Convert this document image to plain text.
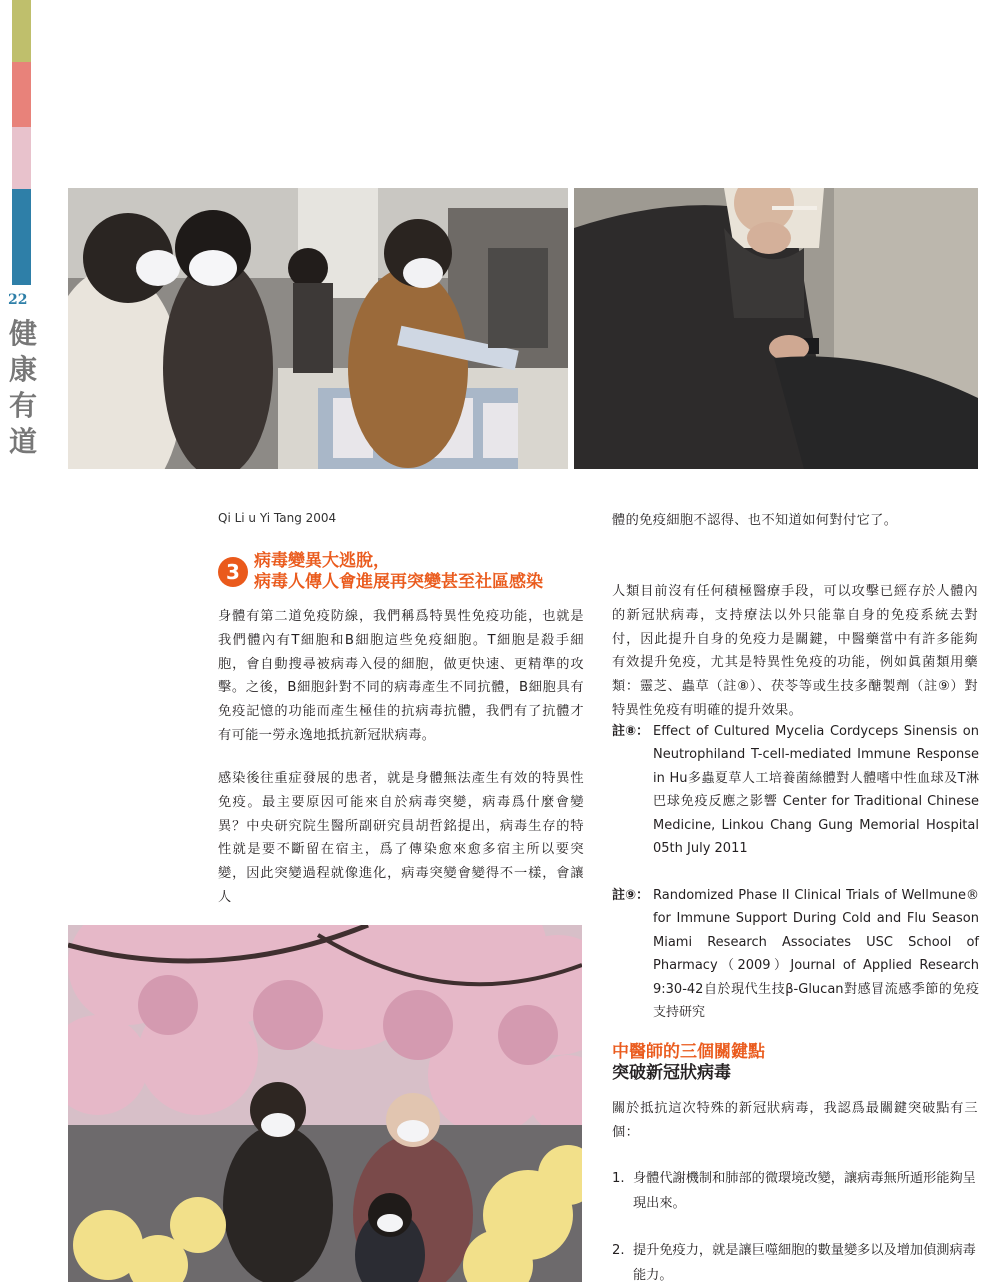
22
健
康
有
道
Qi Li u Yi Tang 2004
3 病毒變異大逃脫，
病毒人傳人會進展再突變甚至社區感染
身體有第二道免疫防線，我們稱爲特異性免疫功能，也就是我們體內有T細胞和B細胞這些免疫細胞。T細胞是殺手細胞，會自動搜尋被病毒入侵的細胞，做更快速、更精準的攻擊。之後，B細胞針對不同的病毒產生不同抗體，B細胞具有免疫記憶的功能而產生極佳的抗病毒抗體，我們有了抗體才有可能一勞永逸地抵抗新冠狀病毒。
感染後往重症發展的患者，就是身體無法產生有效的特異性免疫。最主要原因可能來自於病毒突變，病毒爲什麼會變異？中央研究院生醫所副研究員胡哲銘提出，病毒生存的特性就是要不斷留在宿主，爲了傳染愈來愈多宿主所以要突變，因此突變過程就像進化，病毒突變會變得不一樣，會讓人
體的免疫細胞不認得、也不知道如何對付它了。
人類目前沒有任何積極醫療手段，可以攻擊已經存於人體內的新冠狀病毒，支持療法以外只能靠自身的免疫系統去對付，因此提升自身的免疫力是關鍵，中醫藥當中有許多能夠有效提升免疫，尤其是特異性免疫的功能，例如眞菌類用藥類：靈芝、蟲草（註⑧）、茯苓等或生技多醣製劑（註⑨）對特異性免疫有明確的提升效果。
註⑧： Effect of Cultured Mycelia Cordyceps Sinensis on Neutrophiland T-cell-mediated Immune Response in Hu多蟲夏草人工培養菌絲體對人體嗜中性血球及T淋巴球免疫反應之影響 Center for Traditional Chinese Medicine, Linkou Chang Gung Memorial Hospital 05th July 2011
註⑨： Randomized Phase II Clinical Trials of Wellmune® for Immune Support During Cold and Flu Season Miami Research Associates USC School of Pharmacy（2009）Journal of Applied Research 9:30-42自於現代生技β-Glucan對感冒流感季節的免疫支持研究
中醫師的三個關鍵點
突破新冠狀病毒
關於抵抗這次特殊的新冠狀病毒，我認爲最關鍵突破點有三個：
1. 身體代謝機制和肺部的微環境改變，讓病毒無所遁形能夠呈現出來。
2. 提升免疫力，就是讓巨噬細胞的數量變多以及增加偵測病毒能力。
